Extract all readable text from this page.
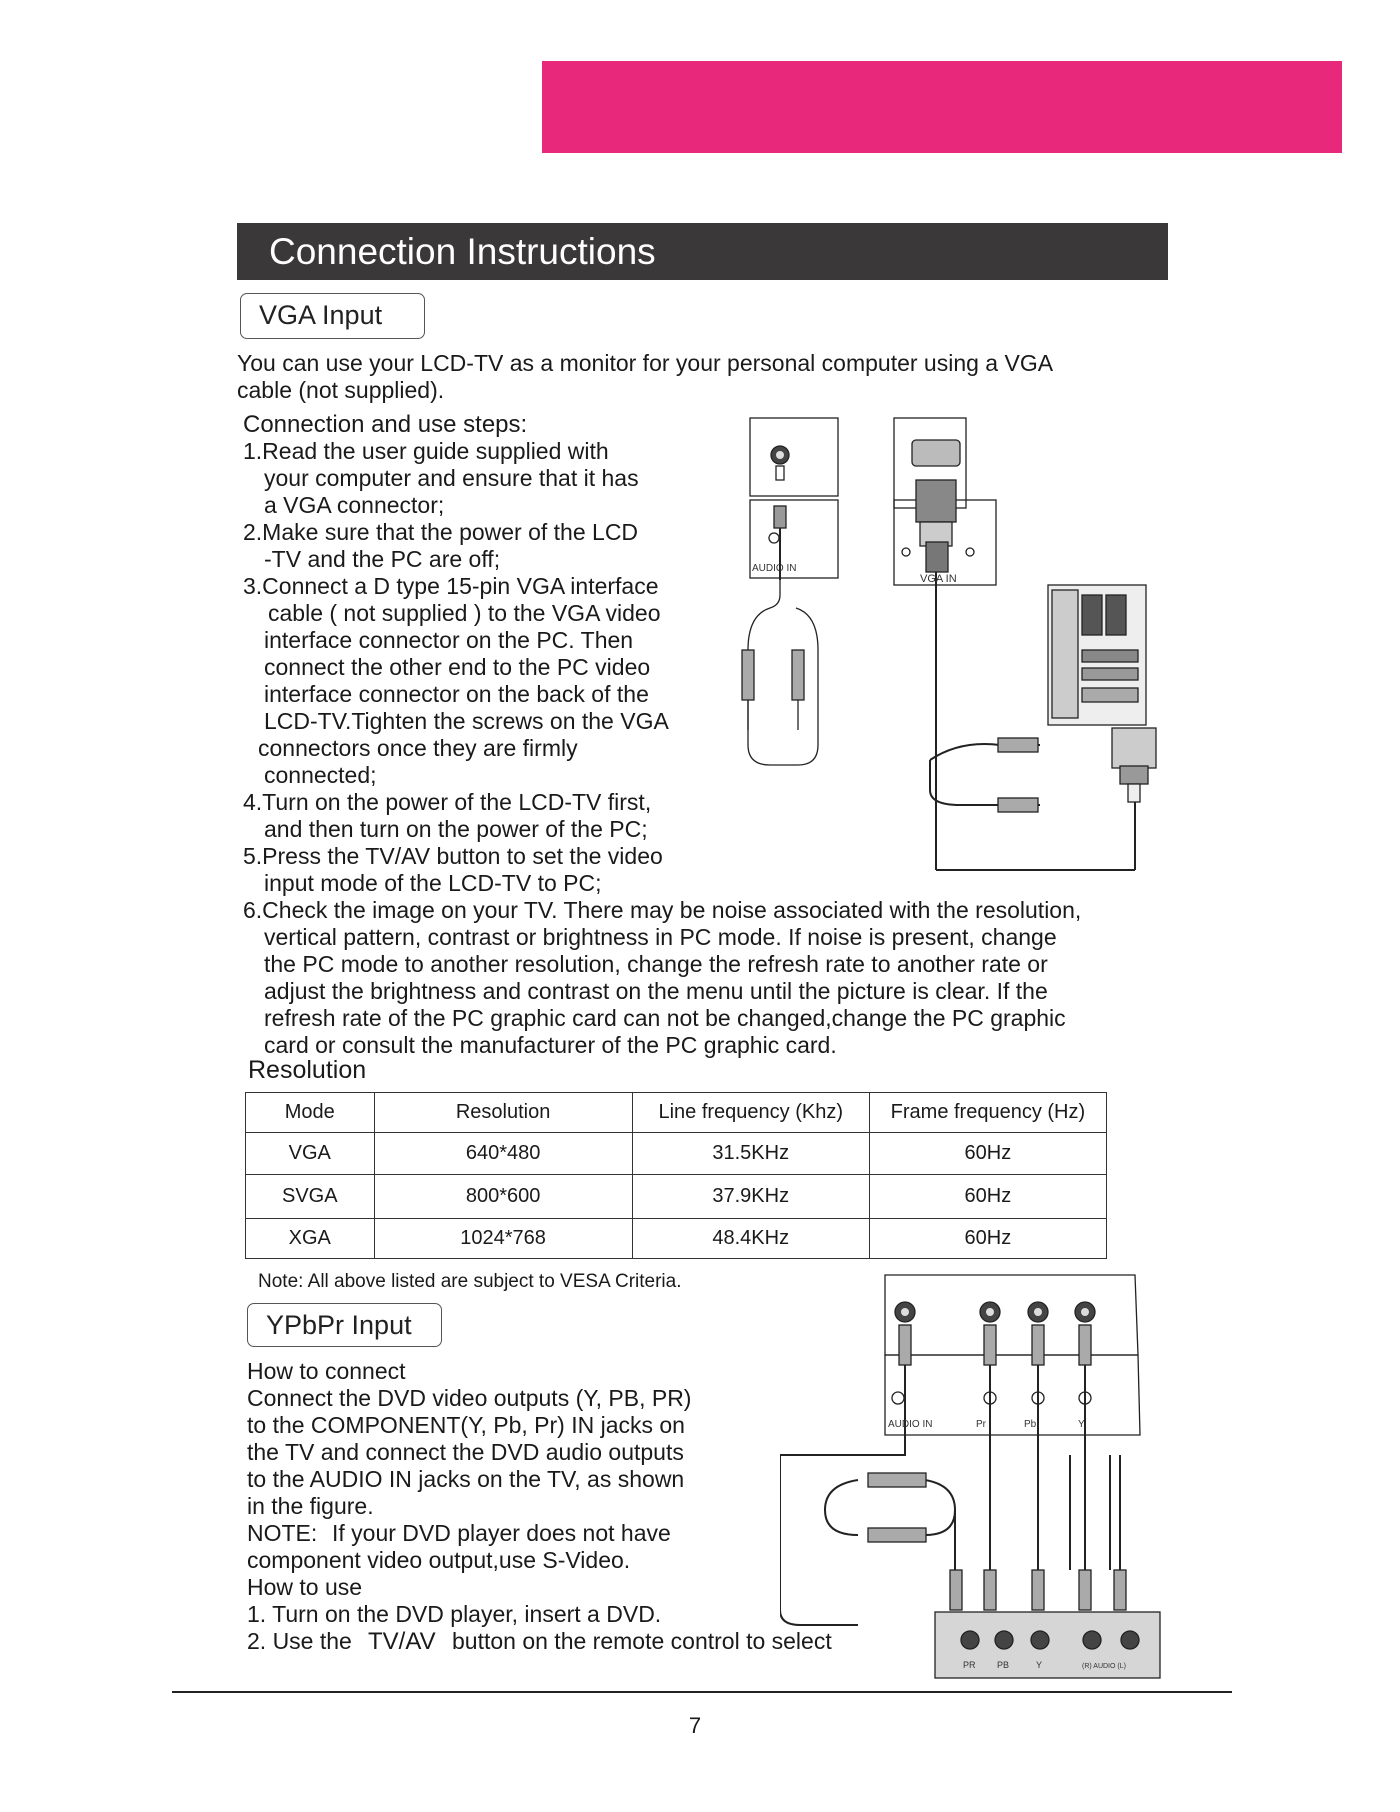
Connection Instructions
VGA Input
You can use your LCD-TV as a monitor for your personal computer using a VGA
cable (not supplied).
Connection and use steps:
1.Read the user guide supplied with
your computer and ensure that it has
a VGA connector;
2.Make sure that the power of the LCD
-TV and the PC are off;
3.Connect a D type 15-pin VGA interface
cable ( not supplied ) to the VGA video
interface connector on the PC. Then
connect the other end to the PC video
interface connector on the back of the
LCD-TV.Tighten the screws on the VGA
connectors once they are firmly
connected;
4.Turn on the power of the LCD-TV first,
and then turn on the power of the PC;
5.Press the TV/AV button to set the video
input mode of the LCD-TV to PC;
6.Check the image on your TV. There may be noise associated with the resolution,
vertical pattern, contrast or brightness in PC mode. If noise is present, change
the PC mode to another resolution, change the refresh rate to another rate or
adjust the brightness and contrast on the menu until the picture is clear. If the
refresh rate of the PC graphic card can not be changed,change the PC graphic
card or consult the manufacturer of the PC graphic card.
AUDIO IN
VGA IN
Resolution
Mode	Resolution	Line frequency (Khz)	Frame frequency (Hz)
VGA	640*480	31.5KHz	60Hz
SVGA	800*600	37.9KHz	60Hz
XGA	1024*768	48.4KHz	60Hz
Note: All above listed are subject to VESA Criteria.
YPbPr Input
How to connect
Connect the DVD video outputs (Y, PB, PR)
to the COMPONENT(Y, Pb, Pr) IN jacks on
the TV and connect the DVD audio outputs
to the AUDIO IN jacks on the TV, as shown
in the figure.
NOTE: If your DVD player does not have
component video output,use S-Video.
How to use
1. Turn on the DVD player, insert a DVD.
2. Use the TV/AV button on the remote control to select
AUDIO IN	Pr	Pb	Y
PR PB	Y	(R) AUDIO (L)
7
